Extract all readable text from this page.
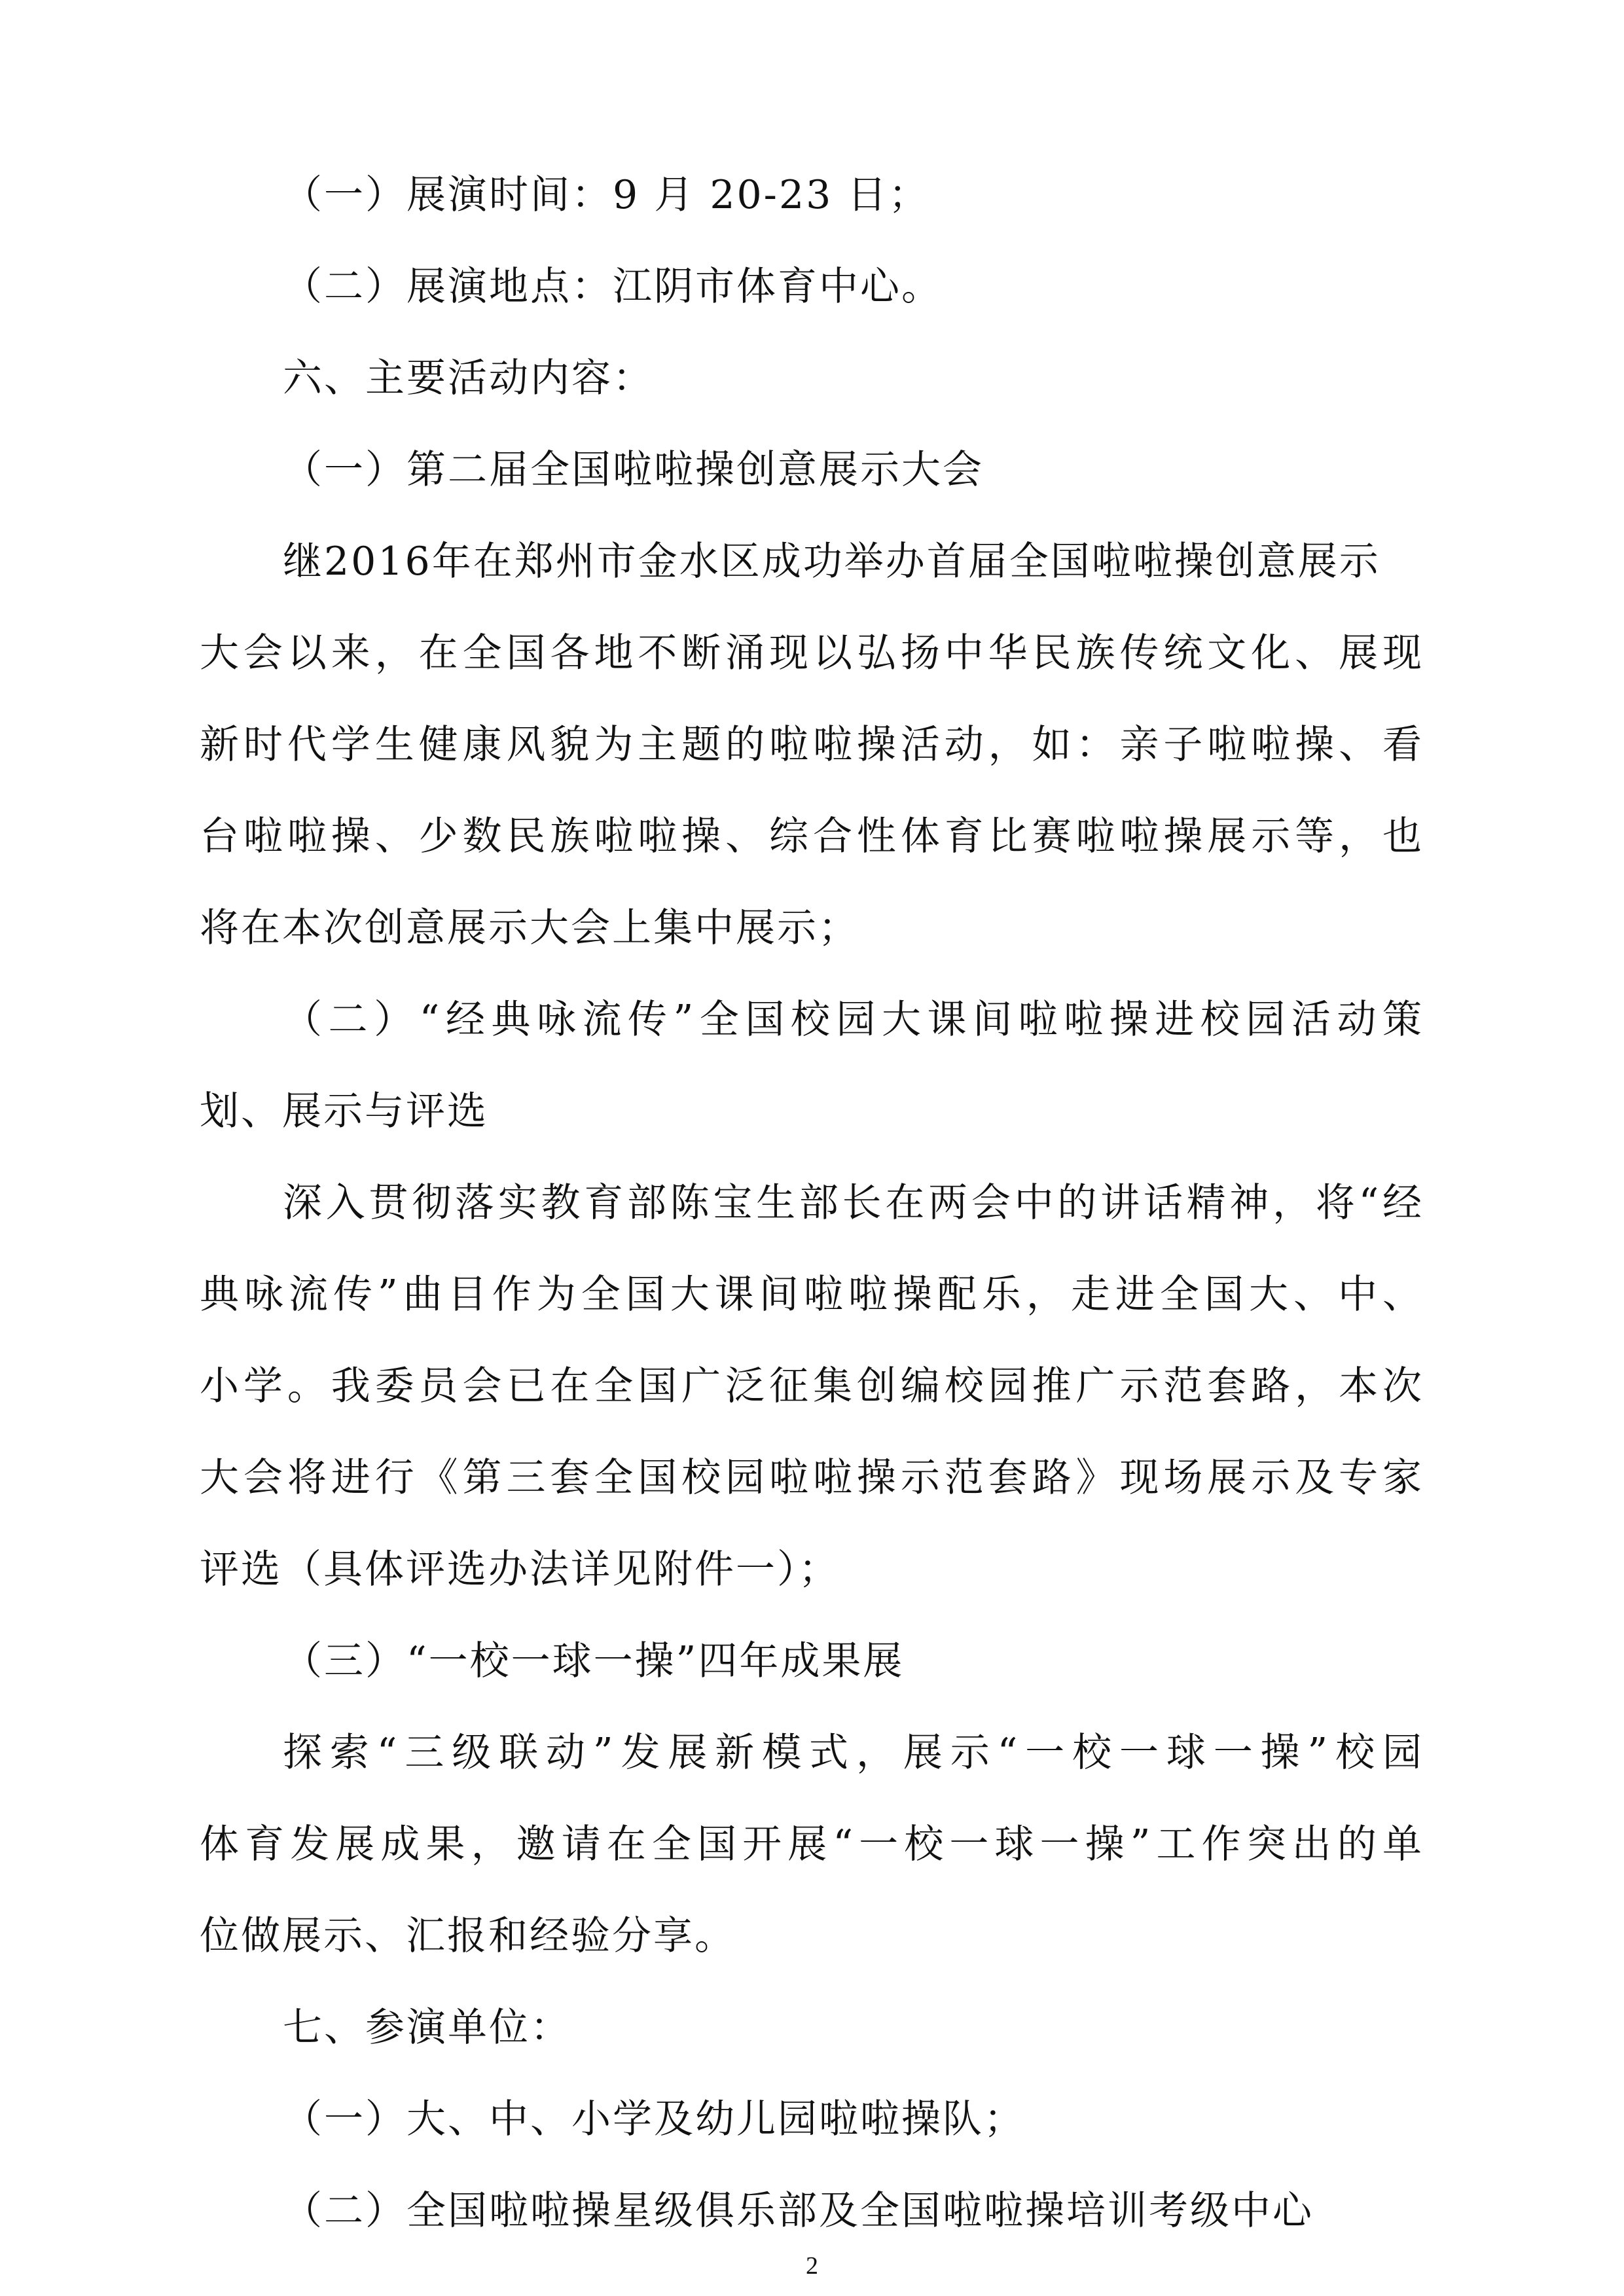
（一）展演时间：9 月 20-23 日；
（二）展演地点：江阴市体育中心。
六、主要活动内容：
（一）第二届全国啦啦操创意展示大会
继2016年在郑州市金水区成功举办首届全国啦啦操创意展示
大会以来，在全国各地不断涌现以弘扬中华民族传统文化、展现
新时代学生健康风貌为主题的啦啦操活动，如：亲子啦啦操、看
台啦啦操、少数民族啦啦操、综合性体育比赛啦啦操展示等，也
将在本次创意展示大会上集中展示；
（二）“经典咏流传”全国校园大课间啦啦操进校园活动策
划、展示与评选
深入贯彻落实教育部陈宝生部长在两会中的讲话精神，将“经
典咏流传”曲目作为全国大课间啦啦操配乐，走进全国大、中、
小学。我委员会已在全国广泛征集创编校园推广示范套路，本次
大会将进行《第三套全国校园啦啦操示范套路》现场展示及专家
评选（具体评选办法详见附件一）；
（三）“一校一球一操”四年成果展
探索“三级联动”发展新模式，展示“一校一球一操”校园
体育发展成果，邀请在全国开展“一校一球一操”工作突出的单
位做展示、汇报和经验分享。
七、参演单位：
（一）大、中、小学及幼儿园啦啦操队；
（二）全国啦啦操星级俱乐部及全国啦啦操培训考级中心
2
